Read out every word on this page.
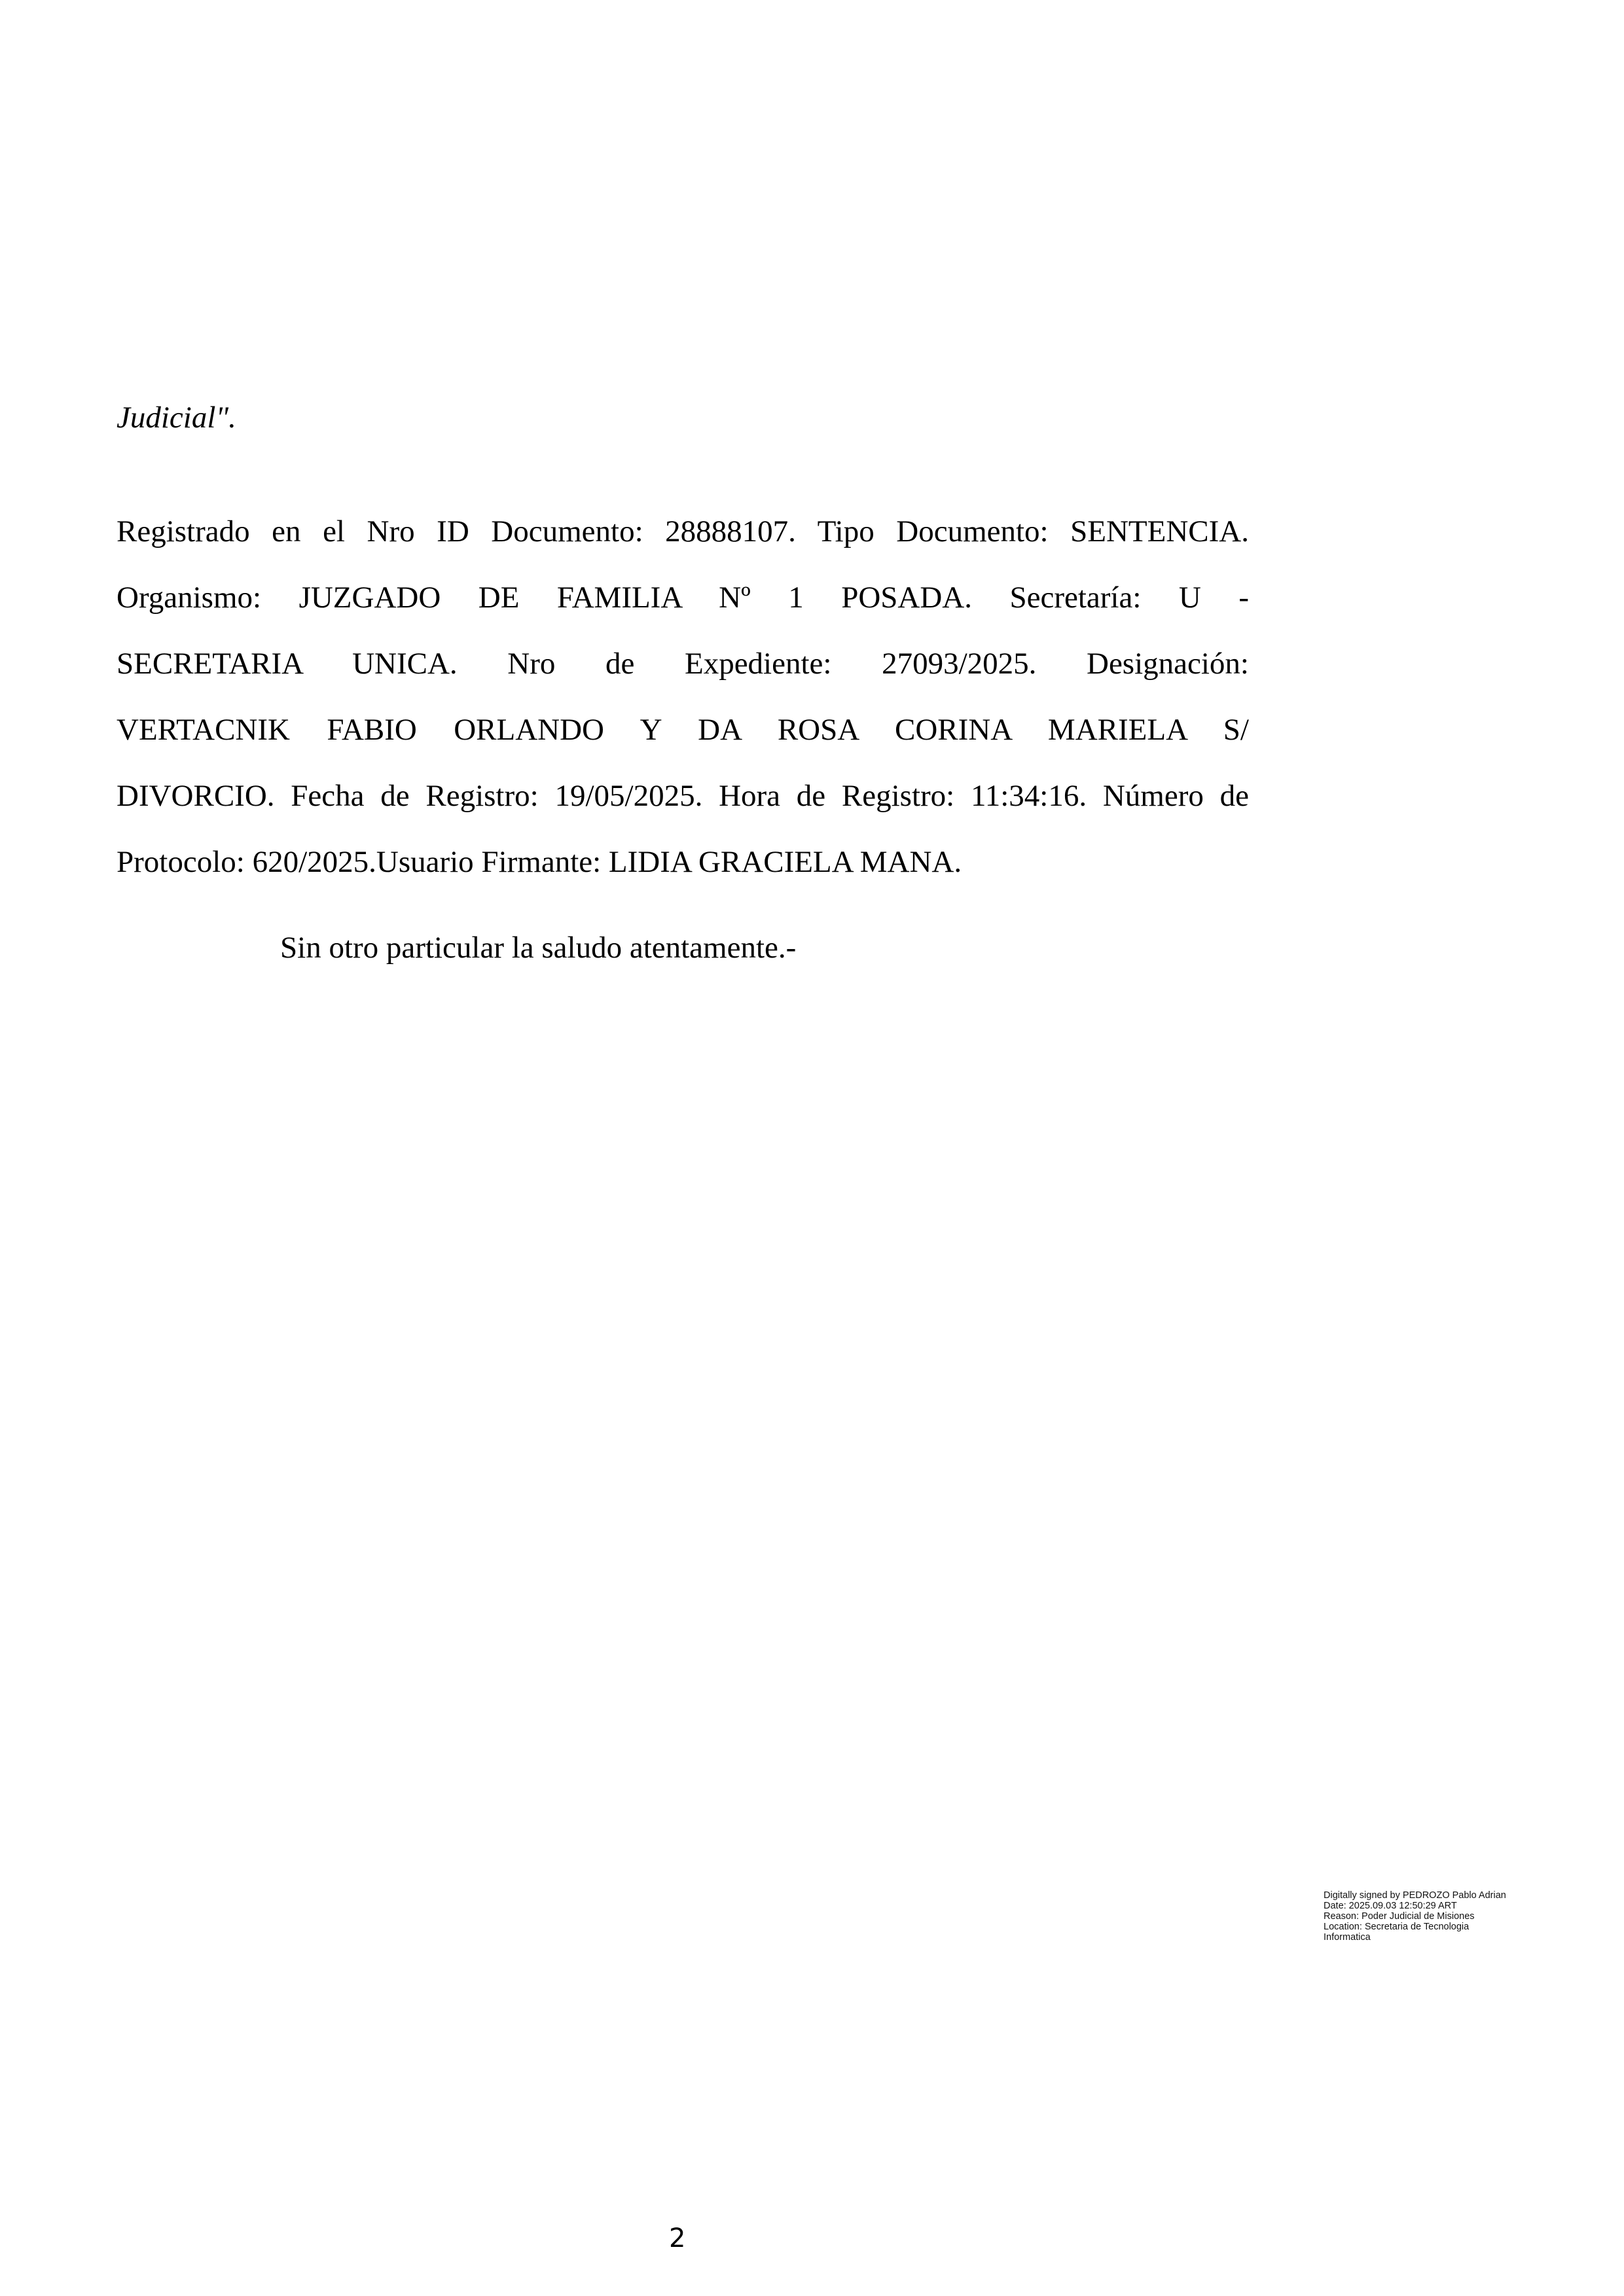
Judicial".
Registrado en el Nro ID Documento: 28888107. Tipo Documento: SENTENCIA.
Organismo: JUZGADO DE FAMILIA Nº 1 POSADA. Secretaría: U -
SECRETARIA UNICA. Nro de Expediente: 27093/2025. Designación:
VERTACNIK FABIO ORLANDO Y DA ROSA CORINA MARIELA S/
DIVORCIO. Fecha de Registro: 19/05/2025. Hora de Registro: 11:34:16. Número de
Protocolo: 620/2025.Usuario Firmante: LIDIA GRACIELA MANA.
Sin otro particular la saludo atentamente.-
Digitally signed by PEDROZO Pablo Adrian
Date: 2025.09.03 12:50:29 ART
Reason: Poder Judicial de Misiones
Location: Secretaria de Tecnologia
Informatica
2
